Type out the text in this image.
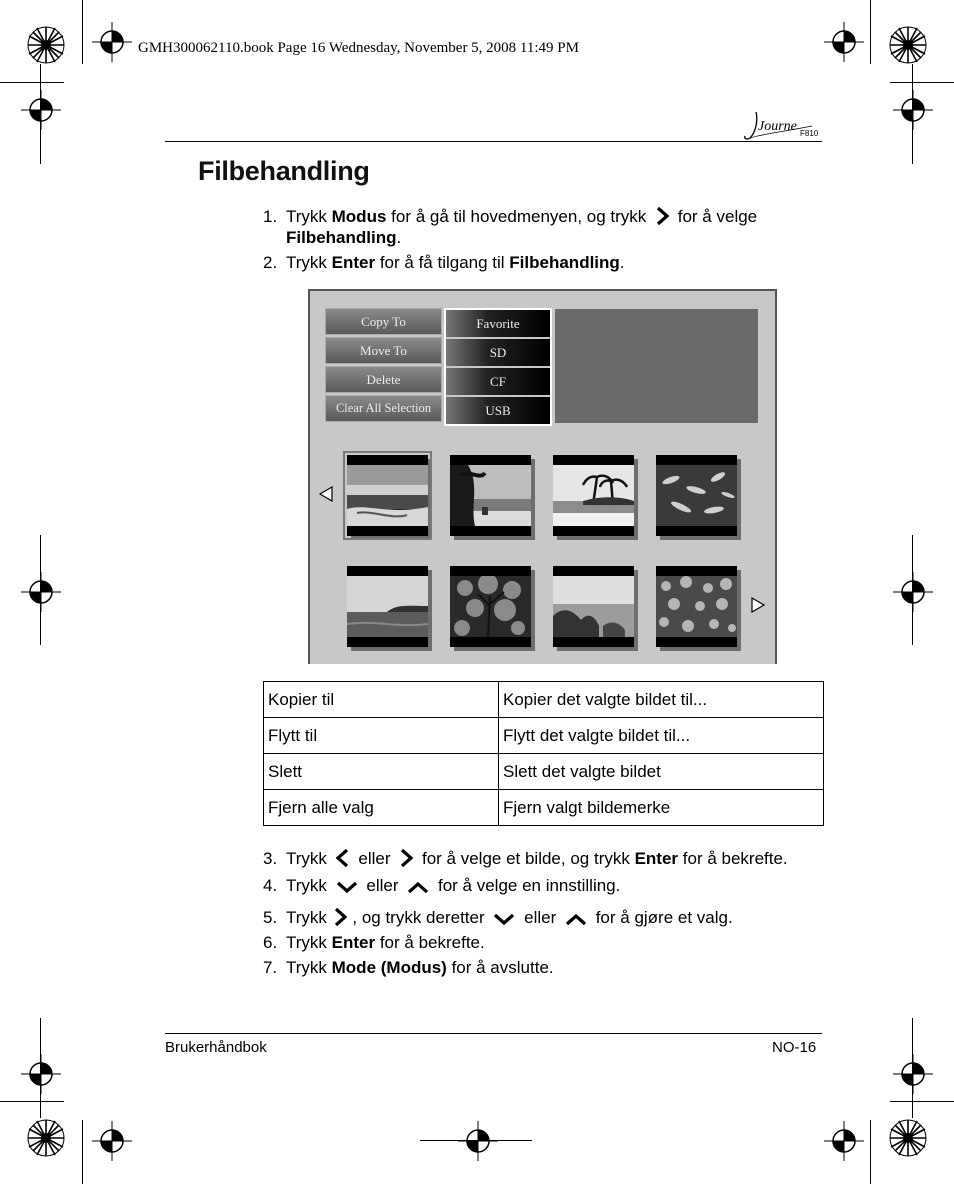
GMH300062110.book Page 16 Wednesday, November 5, 2008 11:49 PM
Journe F810
Filbehandling
1. Trykk Modus for å gå til hovedmenyen, og trykk  for å velge Filbehandling.
2. Trykk Enter for å få tilgang til Filbehandling.
Copy To
Move To
Delete
Clear All Selection
Favorite
SD
CF
USB
Kopier til	Kopier det valgte bildet til...
Flytt til	Flytt det valgte bildet til...
Slett	Slett det valgte bildet
Fjern alle valg	Fjern valgt bildemerke
3. Trykk  eller  for å velge et bilde, og trykk Enter for å bekrefte.
4. Trykk  eller  for å velge en innstilling.
5. Trykk  , og trykk deretter  eller  for å gjøre et valg.
6. Trykk Enter for å bekrefte.
7. Trykk Mode (Modus) for å avslutte.
Brukerhåndbok	NO-16
